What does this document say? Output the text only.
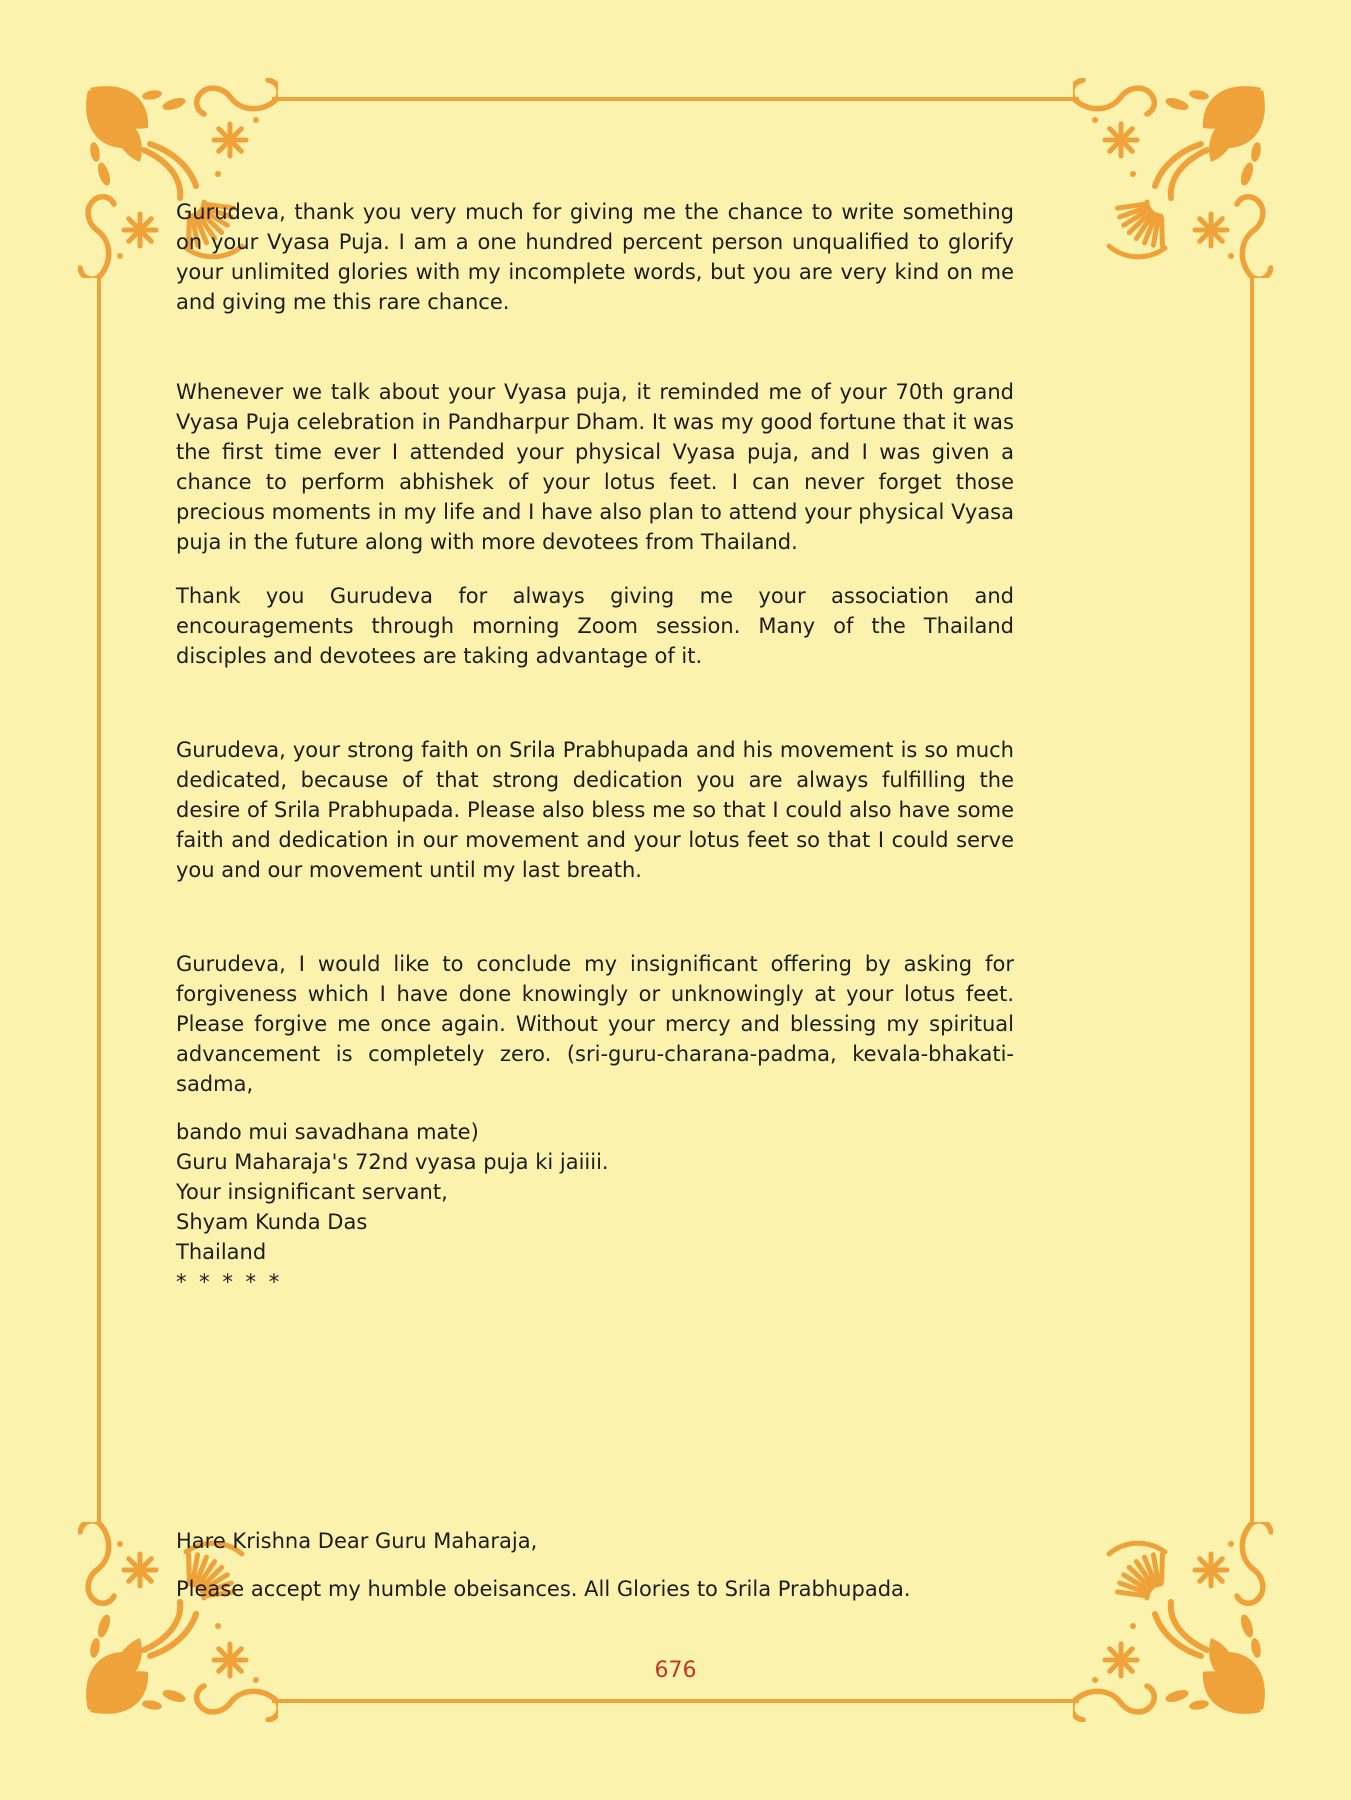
Gurudeva, thank you very much for giving me the chance to write something on your Vyasa Puja. I am a one hundred percent person unqualified to glorify your unlimited glories with my incomplete words, but you are very kind on me and giving me this rare chance.

Whenever we talk about your Vyasa puja, it reminded me of your 70th grand Vyasa Puja celebration in Pandharpur Dham. It was my good fortune that it was the first time ever I attended your physical Vyasa puja, and I was given a chance to perform abhishek of your lotus feet. I can never forget those precious moments in my life and I have also plan to attend your physical Vyasa puja in the future along with more devotees from Thailand.

Thank you Gurudeva for always giving me your association and encouragements through morning Zoom session. Many of the Thailand disciples and devotees are taking advantage of it.

Gurudeva, your strong faith on Srila Prabhupada and his movement is so much dedicated, because of that strong dedication you are always fulfilling the desire of Srila Prabhupada. Please also bless me so that I could also have some faith and dedication in our movement and your lotus feet so that I could serve you and our movement until my last breath.

Gurudeva, I would like to conclude my insignificant offering by asking for forgiveness which I have done knowingly or unknowingly at your lotus feet. Please forgive me once again. Without your mercy and blessing my spiritual advancement is completely zero. (sri-guru-charana-padma, kevala-bhakati-sadma,

bando mui savadhana mate)

Guru Maharaja's 72nd vyasa puja ki jaiiii.

Your insignificant servant,

Shyam Kunda Das

Thailand

* * * * *

Hare Krishna Dear Guru Maharaja,

Please accept my humble obeisances. All Glories to Srila Prabhupada.

676
